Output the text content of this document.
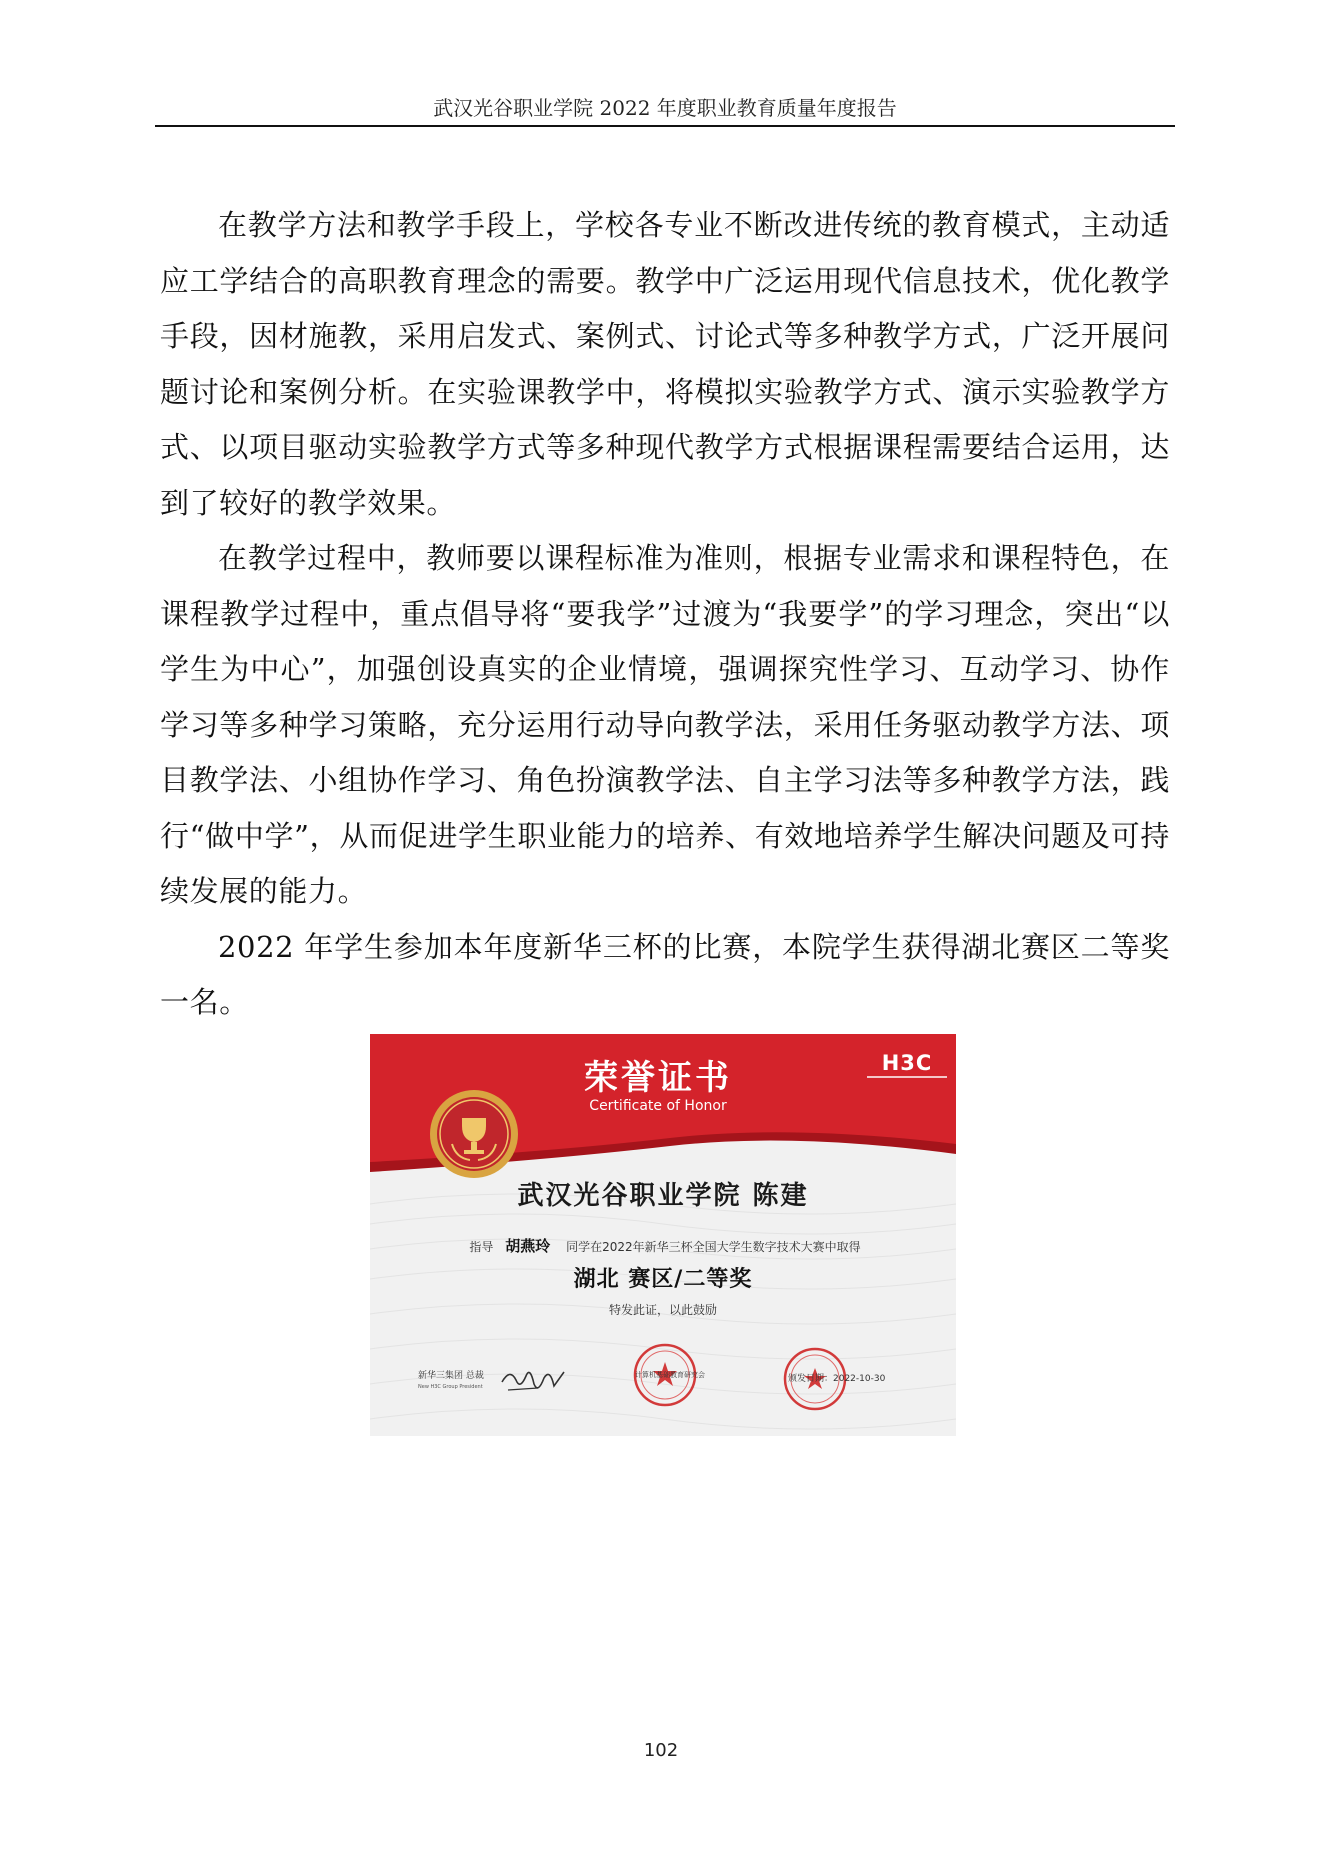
武汉光谷职业学院 2022 年度职业教育质量年度报告

在教学方法和教学手段上，学校各专业不断改进传统的教育模式，主动适应工学结合的高职教育理念的需要。教学中广泛运用现代信息技术，优化教学手段，因材施教，采用启发式、案例式、讨论式等多种教学方式，广泛开展问题讨论和案例分析。在实验课教学中，将模拟实验教学方式、演示实验教学方式、以项目驱动实验教学方式等多种现代教学方式根据课程需要结合运用，达到了较好的教学效果。

在教学过程中，教师要以课程标准为准则，根据专业需求和课程特色，在课程教学过程中，重点倡导将“要我学”过渡为“我要学”的学习理念，突出“以学生为中心”，加强创设真实的企业情境，强调探究性学习、互动学习、协作学习等多种学习策略，充分运用行动导向教学法，采用任务驱动教学方法、项目教学法、小组协作学习、角色扮演教学法、自主学习法等多种教学方法，践行“做中学”，从而促进学生职业能力的培养、有效地培养学生解决问题及可持续发展的能力。

2022 年学生参加本年度新华三杯的比赛，本院学生获得湖北赛区二等奖一名。

荣誉证书
Certificate of Honor
H3C
武汉光谷职业学院 陈建
指导 胡燕玲 同学在2022年新华三杯全国大学生数字技术大赛中取得
湖北 赛区/二等奖
特发此证，以此鼓励
新华三集团 总裁
New H3C Group President
计算机基础教育研究会	颁发日期：2022-10-30
102
